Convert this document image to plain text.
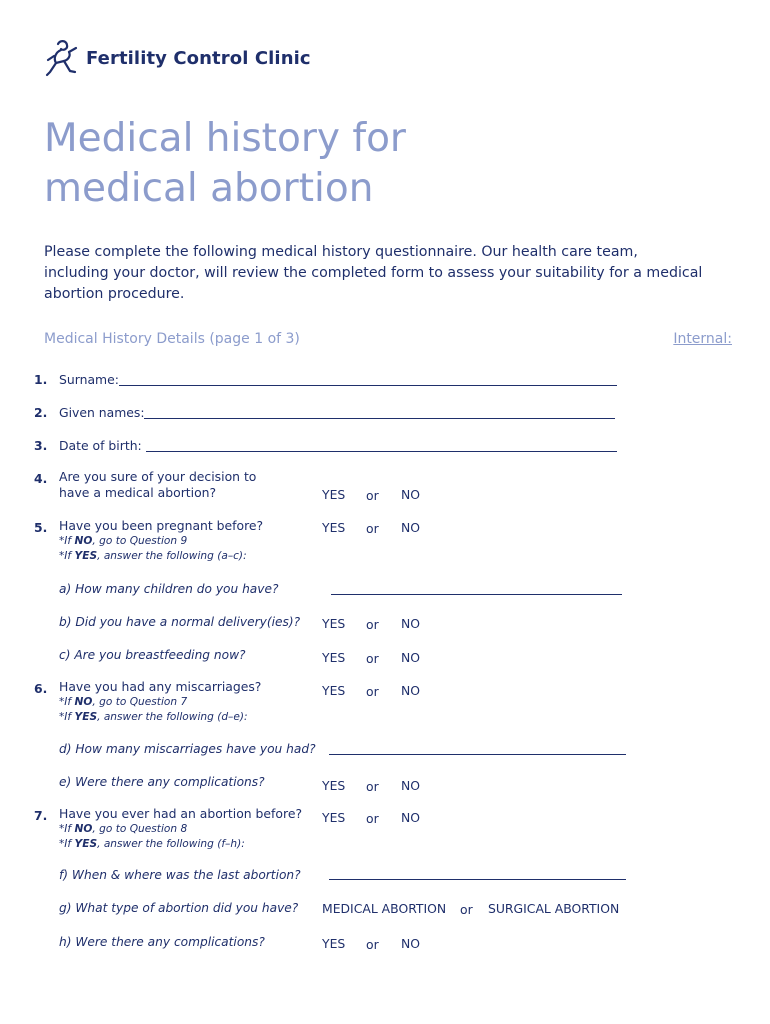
Fertility Control Clinic
Medical history for
medical abortion

Please complete the following medical history questionnaire. Our health care team, including your doctor, will review the completed form to assess your suitability for a medical abortion procedure.

Medical History Details (page 1 of 3)	Internal:
1. Surname:
2. Given names:
3. Date of birth:
4. Are you sure of your decision to
have a medical abortion?	YES or NO
5. Have you been pregnant before?
*If NO, go to Question 9
*If YES, answer the following (a–c):
YES or NO
a) How many children do you have?
b) Did you have a normal delivery(ies)? YES or NO
c) Are you breastfeeding now?	YES or NO
6. Have you had any miscarriages?
*If NO, go to Question 7
*If YES, answer the following (d–e):
YES or NO
d) How many miscarriages have you had?
e) Were there any complications?	YES or NO
7. Have you ever had an abortion before?
*If NO, go to Question 8
*If YES, answer the following (f–h):
YES or NO
f) When & where was the last abortion?
g) What type of abortion did you have? MEDICAL ABORTION or SURGICAL ABORTION
h) Were there any complications?	YES or NO
